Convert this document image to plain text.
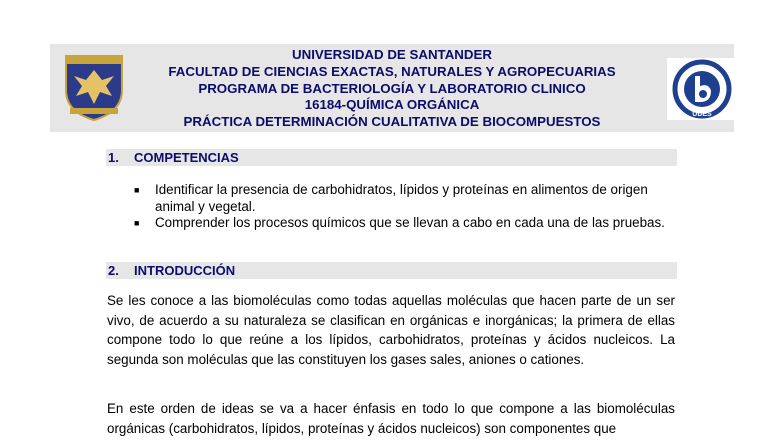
UNIVERSIDAD DE SANTANDER
FACULTAD DE CIENCIAS EXACTAS, NATURALES Y AGROPECUARIAS
PROGRAMA DE BACTERIOLOGÍA Y LABORATORIO CLINICO
16184-QUÍMICA ORGÁNICA
PRÁCTICA DETERMINACIÓN CUALITATIVA DE BIOCOMPUESTOS	UDES
1. COMPETENCIAS
■ Identificar la presencia de carbohidratos, lípidos y proteínas en alimentos de origen animal y vegetal.
■ Comprender los procesos químicos que se llevan a cabo en cada una de las pruebas.
2. INTRODUCCIÓN
Se les conoce a las biomoléculas como todas aquellas moléculas que hacen parte de un ser vivo, de acuerdo a su naturaleza se clasifican en orgánicas e inorgánicas; la primera de ellas compone todo lo que reúne a los lípidos, carbohidratos, proteínas y ácidos nucleicos. La segunda son moléculas que las constituyen los gases sales, aniones o cationes.
En este orden de ideas se va a hacer énfasis en todo lo que compone a las biomoléculas orgánicas (carbohidratos, lípidos, proteínas y ácidos nucleicos) son componentes que
